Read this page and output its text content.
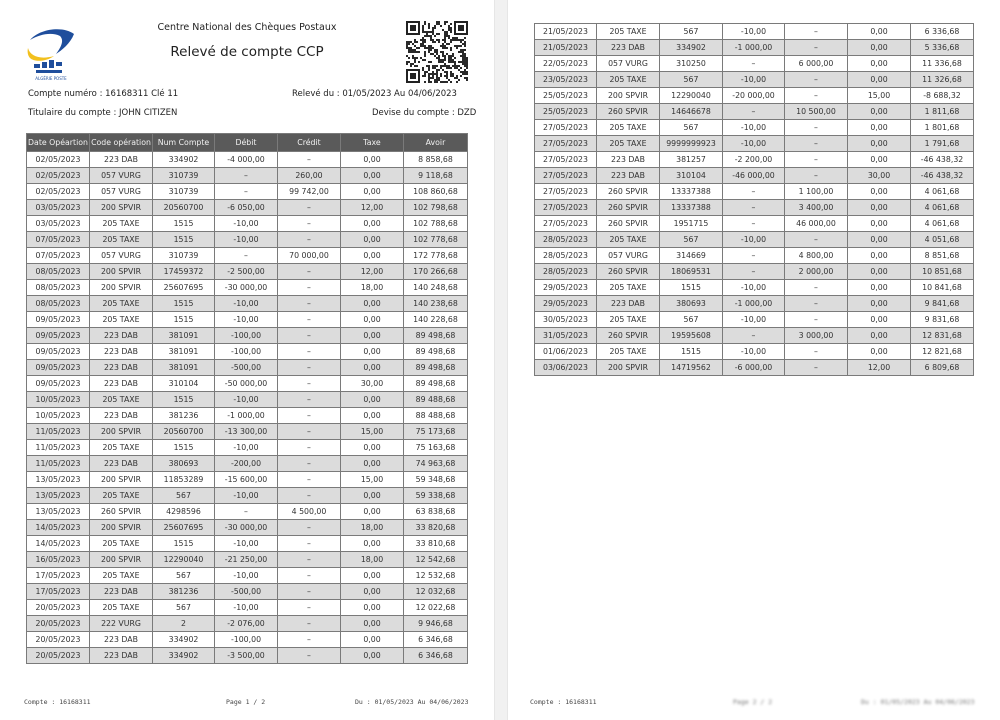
ALGÉRIE POSTE
Centre National des Chèques Postaux
Relevé de compte CCP
Compte numéro : 16168311 Clé 11	Relevé du : 01/05/2023 Au 04/06/2023
Titulaire du compte : JOHN CITIZEN	Devise du compte : DZD
Date Opéartion	Code opération	Num Compte	Débit	Crédit	Taxe	Avoir
02/05/2023	223 DAB	334902	-4 000,00	–	0,00	8 858,68
02/05/2023	057 VURG	310739	–	260,00	0,00	9 118,68
02/05/2023	057 VURG	310739	–	99 742,00	0,00	108 860,68
03/05/2023	200 SPVIR	20560700	-6 050,00	–	12,00	102 798,68
03/05/2023	205 TAXE	1515	-10,00	–	0,00	102 788,68
07/05/2023	205 TAXE	1515	-10,00	–	0,00	102 778,68
07/05/2023	057 VURG	310739	–	70 000,00	0,00	172 778,68
08/05/2023	200 SPVIR	17459372	-2 500,00	–	12,00	170 266,68
08/05/2023	200 SPVIR	25607695	-30 000,00	–	18,00	140 248,68
08/05/2023	205 TAXE	1515	-10,00	–	0,00	140 238,68
09/05/2023	205 TAXE	1515	-10,00	–	0,00	140 228,68
09/05/2023	223 DAB	381091	-100,00	–	0,00	89 498,68
09/05/2023	223 DAB	381091	-100,00	–	0,00	89 498,68
09/05/2023	223 DAB	381091	-500,00	–	0,00	89 498,68
09/05/2023	223 DAB	310104	-50 000,00	–	30,00	89 498,68
10/05/2023	205 TAXE	1515	-10,00	–	0,00	89 488,68
10/05/2023	223 DAB	381236	-1 000,00	–	0,00	88 488,68
11/05/2023	200 SPVIR	20560700	-13 300,00	–	15,00	75 173,68
11/05/2023	205 TAXE	1515	-10,00	–	0,00	75 163,68
11/05/2023	223 DAB	380693	-200,00	–	0,00	74 963,68
13/05/2023	200 SPVIR	11853289	-15 600,00	–	15,00	59 348,68
13/05/2023	205 TAXE	567	-10,00	–	0,00	59 338,68
13/05/2023	260 SPVIR	4298596	–	4 500,00	0,00	63 838,68
14/05/2023	200 SPVIR	25607695	-30 000,00	–	18,00	33 820,68
14/05/2023	205 TAXE	1515	-10,00	–	0,00	33 810,68
16/05/2023	200 SPVIR	12290040	-21 250,00	–	18,00	12 542,68
17/05/2023	205 TAXE	567	-10,00	–	0,00	12 532,68
17/05/2023	223 DAB	381236	-500,00	–	0,00	12 032,68
20/05/2023	205 TAXE	567	-10,00	–	0,00	12 022,68
20/05/2023	222 VURG	2	-2 076,00	–	0,00	9 946,68
20/05/2023	223 DAB	334902	-100,00	–	0,00	6 346,68
20/05/2023	223 DAB	334902	-3 500,00	–	0,00	6 346,68
Compte : 16168311	Page 1 / 2	Du : 01/05/2023 Au 04/06/2023
21/05/2023	205 TAXE	567	-10,00	–	0,00	6 336,68
21/05/2023	223 DAB	334902	-1 000,00	–	0,00	5 336,68
22/05/2023	057 VURG	310250	–	6 000,00	0,00	11 336,68
23/05/2023	205 TAXE	567	-10,00	–	0,00	11 326,68
25/05/2023	200 SPVIR	12290040	-20 000,00	–	15,00	-8 688,32
25/05/2023	260 SPVIR	14646678	–	10 500,00	0,00	1 811,68
27/05/2023	205 TAXE	567	-10,00	–	0,00	1 801,68
27/05/2023	205 TAXE	9999999923	-10,00	–	0,00	1 791,68
27/05/2023	223 DAB	381257	-2 200,00	–	0,00	-46 438,32
27/05/2023	223 DAB	310104	-46 000,00	–	30,00	-46 438,32
27/05/2023	260 SPVIR	13337388	–	1 100,00	0,00	4 061,68
27/05/2023	260 SPVIR	13337388	–	3 400,00	0,00	4 061,68
27/05/2023	260 SPVIR	1951715	–	46 000,00	0,00	4 061,68
28/05/2023	205 TAXE	567	-10,00	–	0,00	4 051,68
28/05/2023	057 VURG	314669	–	4 800,00	0,00	8 851,68
28/05/2023	260 SPVIR	18069531	–	2 000,00	0,00	10 851,68
29/05/2023	205 TAXE	1515	-10,00	–	0,00	10 841,68
29/05/2023	223 DAB	380693	-1 000,00	–	0,00	9 841,68
30/05/2023	205 TAXE	567	-10,00	–	0,00	9 831,68
31/05/2023	260 SPVIR	19595608	–	3 000,00	0,00	12 831,68
01/06/2023	205 TAXE	1515	-10,00	–	0,00	12 821,68
03/06/2023	200 SPVIR	14719562	-6 000,00	–	12,00	6 809,68
Compte : 16168311	Page 2 / 2	Du : 01/05/2023 Au 04/06/2023
